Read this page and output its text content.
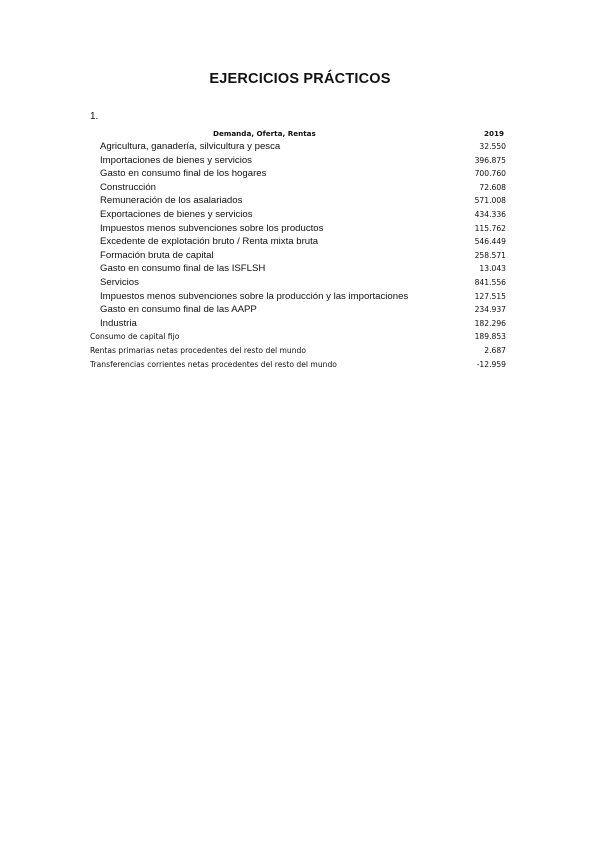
EJERCICIOS PRÁCTICOS
1.
Demanda, Oferta, Rentas	2019
Agricultura, ganadería, silvicultura y pesca	32.550
Importaciones de bienes y servicios	396.875
Gasto en consumo final de los hogares	700.760
Construcción	72.608
Remuneración de los asalariados	571.008
Exportaciones de bienes y servicios	434.336
Impuestos menos subvenciones sobre los productos	115.762
Excedente de explotación bruto / Renta mixta bruta	546.449
Formación bruta de capital	258.571
Gasto en consumo final de las ISFLSH	13.043
Servicios	841.556
Impuestos menos subvenciones sobre la producción y las importaciones	127.515
Gasto en consumo final de las AAPP	234.937
Industria	182.296
Consumo de capital fijo	189.853
Rentas primarias netas procedentes del resto del mundo	2.687
Transferencias corrientes netas procedentes del resto del mundo	-12.959
